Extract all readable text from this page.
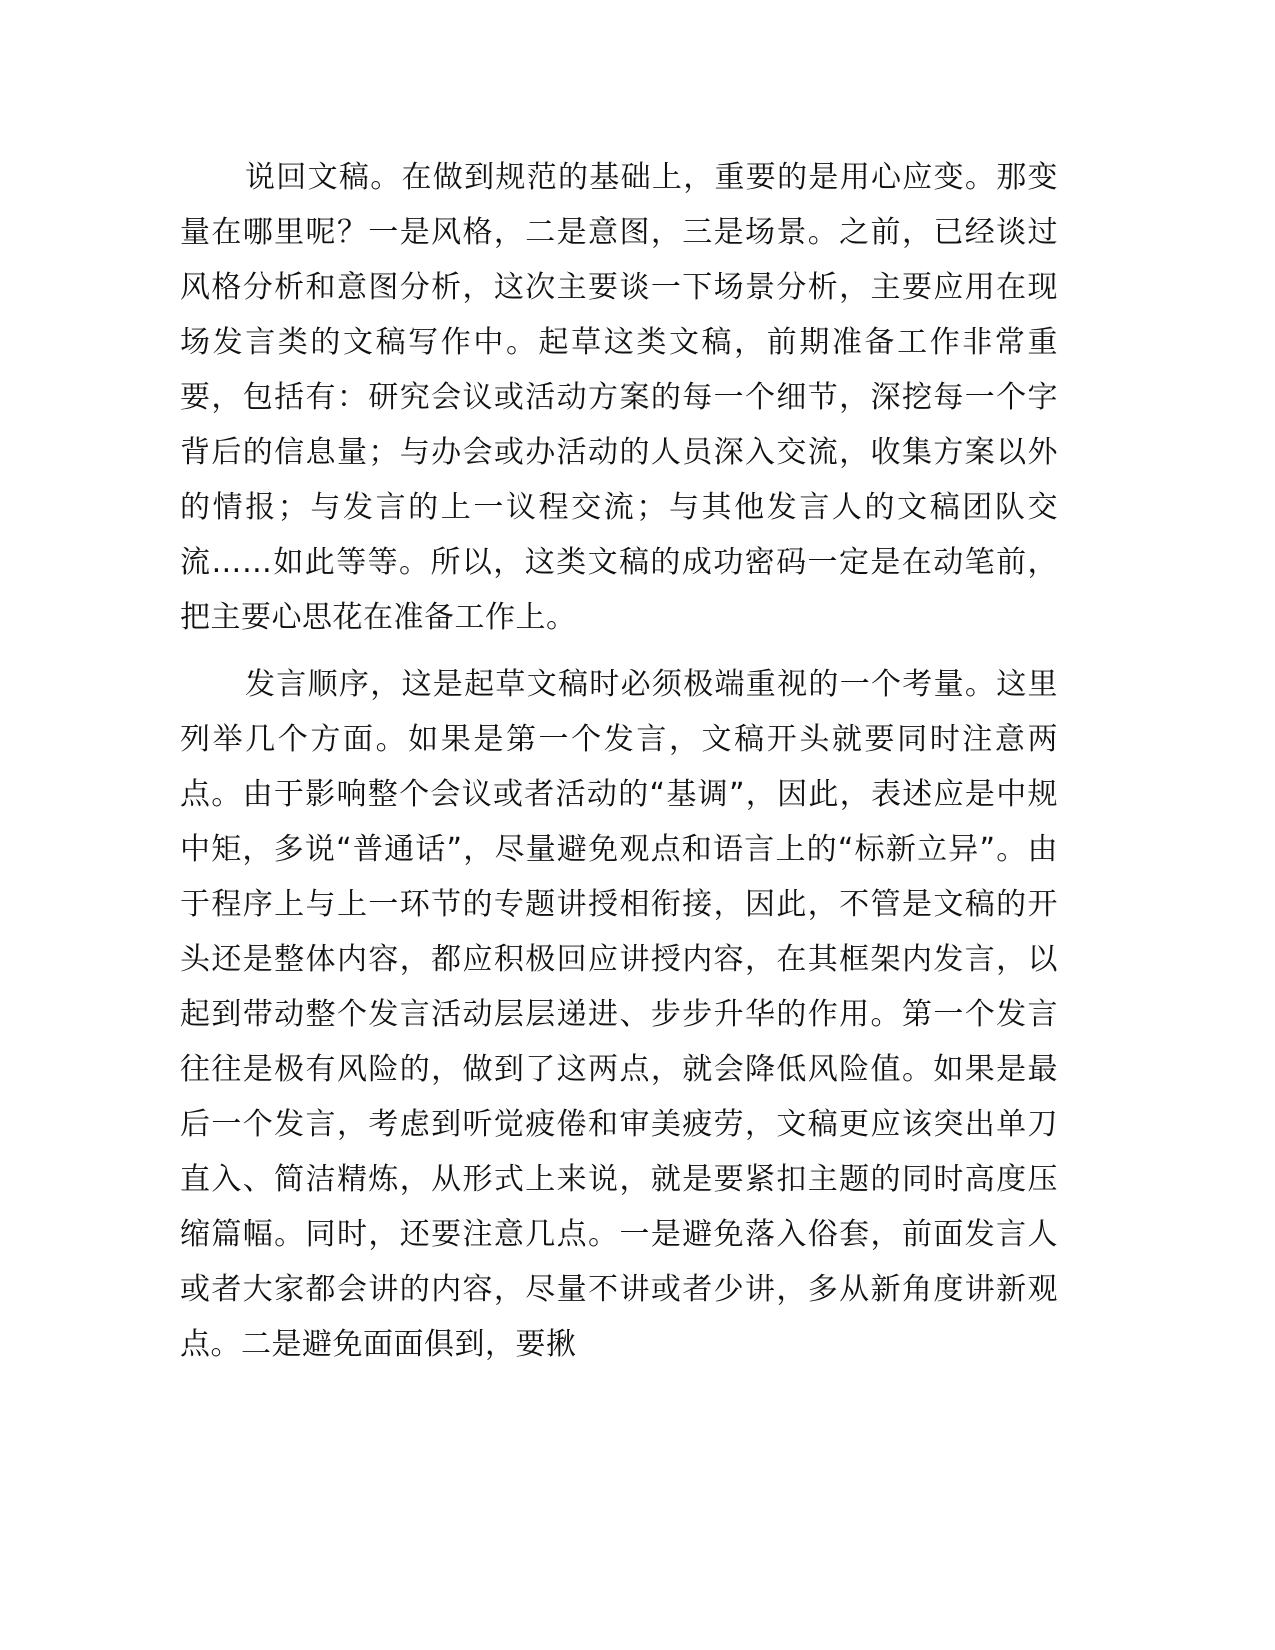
说回文稿。在做到规范的基础上，重要的是用心应变。那变量在哪里呢？一是风格，二是意图，三是场景。之前，已经谈过风格分析和意图分析，这次主要谈一下场景分析，主要应用在现场发言类的文稿写作中。起草这类文稿，前期准备工作非常重要，包括有：研究会议或活动方案的每一个细节，深挖每一个字背后的信息量；与办会或办活动的人员深入交流，收集方案以外的情报；与发言的上一议程交流；与其他发言人的文稿团队交流……如此等等。所以，这类文稿的成功密码一定是在动笔前，把主要心思花在准备工作上。

发言顺序，这是起草文稿时必须极端重视的一个考量。这里列举几个方面。如果是第一个发言，文稿开头就要同时注意两点。由于影响整个会议或者活动的“基调”，因此，表述应是中规中矩，多说“普通话”，尽量避免观点和语言上的“标新立异”。由于程序上与上一环节的专题讲授相衔接，因此，不管是文稿的开头还是整体内容，都应积极回应讲授内容，在其框架内发言，以起到带动整个发言活动层层递进、步步升华的作用。第一个发言往往是极有风险的，做到了这两点，就会降低风险值。如果是最后一个发言，考虑到听觉疲倦和审美疲劳，文稿更应该突出单刀直入、简洁精炼，从形式上来说，就是要紧扣主题的同时高度压缩篇幅。同时，还要注意几点。一是避免落入俗套，前面发言人或者大家都会讲的内容，尽量不讲或者少讲，多从新角度讲新观点。二是避免面面俱到，要揪
